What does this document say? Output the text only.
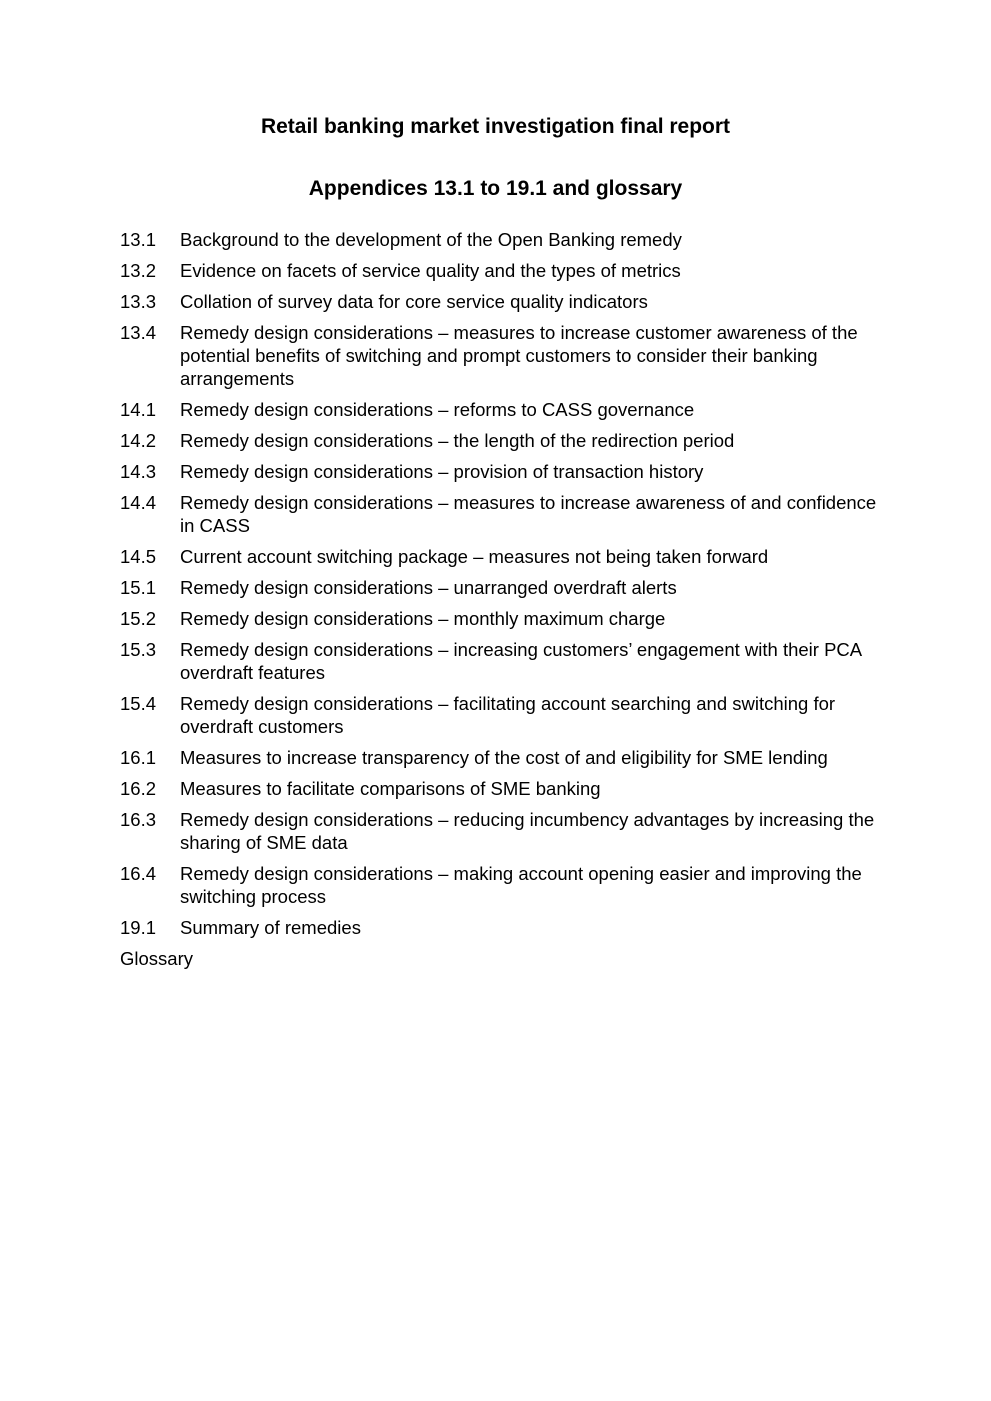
Retail banking market investigation final report
Appendices 13.1 to 19.1 and glossary
13.1	Background to the development of the Open Banking remedy
13.2	Evidence on facets of service quality and the types of metrics
13.3	Collation of survey data for core service quality indicators
13.4	Remedy design considerations – measures to increase customer awareness of the potential benefits of switching and prompt customers to consider their banking arrangements
14.1	Remedy design considerations – reforms to CASS governance
14.2	Remedy design considerations – the length of the redirection period
14.3	Remedy design considerations – provision of transaction history
14.4	Remedy design considerations – measures to increase awareness of and confidence in CASS
14.5	Current account switching package – measures not being taken forward
15.1	Remedy design considerations – unarranged overdraft alerts
15.2	Remedy design considerations – monthly maximum charge
15.3	Remedy design considerations – increasing customers’ engagement with their PCA overdraft features
15.4	Remedy design considerations – facilitating account searching and switching for overdraft customers
16.1	Measures to increase transparency of the cost of and eligibility for SME lending
16.2	Measures to facilitate comparisons of SME banking
16.3	Remedy design considerations – reducing incumbency advantages by increasing the sharing of SME data
16.4	Remedy design considerations – making account opening easier and improving the switching process
19.1	Summary of remedies
Glossary
